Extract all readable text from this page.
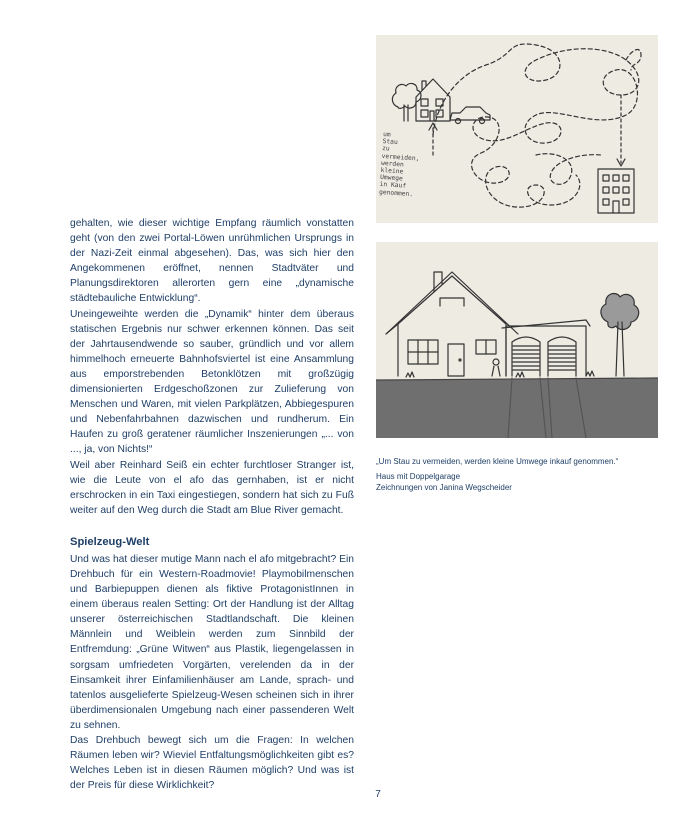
gehalten, wie dieser wichtige Empfang räumlich vonstatten geht (von den zwei Portal-Löwen unrühmlichen Ursprungs in der Nazi-Zeit einmal abgesehen). Das, was sich hier den Angekommenen eröffnet, nennen Stadtväter und Planungsdirektoren allerorten gern eine „dynamische städtebauliche Entwicklung“.

Uneingeweihte werden die „Dynamik“ hinter dem überaus statischen Ergebnis nur schwer erkennen können. Das seit der Jahrtausendwende so sauber, gründlich und vor allem himmelhoch erneuerte Bahnhofsviertel ist eine Ansammlung aus emporstrebenden Betonklötzen mit großzügig dimensionierten Erdgeschoßzonen zur Zulieferung von Menschen und Waren, mit vielen Parkplätzen, Abbiegespuren und Nebenfahrbahnen dazwischen und rundherum. Ein Haufen zu groß geratener räumlicher Inszenierungen „... von ..., ja, von Nichts!“

Weil aber Reinhard Seiß ein echter furchtloser Stranger ist, wie die Leute von el afo das gernhaben, ist er nicht erschrocken in ein Taxi eingestiegen, sondern hat sich zu Fuß weiter auf den Weg durch die Stadt am Blue River gemacht.

Spielzeug-Welt

Und was hat dieser mutige Mann nach el afo mitgebracht? Ein Drehbuch für ein Western-Roadmovie! Playmobilmenschen und Barbiepuppen dienen als fiktive ProtagonistInnen in einem überaus realen Setting: Ort der Handlung ist der Alltag unserer österreichischen Stadtlandschaft. Die kleinen Männlein und Weiblein werden zum Sinnbild der Entfremdung: „Grüne Witwen“ aus Plastik, liegengelassen in sorgsam umfriedeten Vorgärten, verelenden da in der Einsamkeit ihrer Einfamilienhäuser am Lande, sprach- und tatenlos ausgelieferte Spielzeug-Wesen scheinen sich in ihrer überdimensionalen Umgebung nach einer passenderen Welt zu sehnen.

Das Drehbuch bewegt sich um die Fragen: In welchen Räumen leben wir? Wieviel Entfaltungsmöglichkeiten gibt es? Welches Leben ist in diesen Räumen möglich? Und was ist der Preis für diese Wirklichkeit?

um
Stau
zu
vermeiden,
werden
kleine
Umwege
in Kauf
genommen.
„Um Stau zu vermeiden, werden kleine Umwege inkauf genommen.“
Haus mit Doppelgarage
Zeichnungen von Janina Wegscheider
7
